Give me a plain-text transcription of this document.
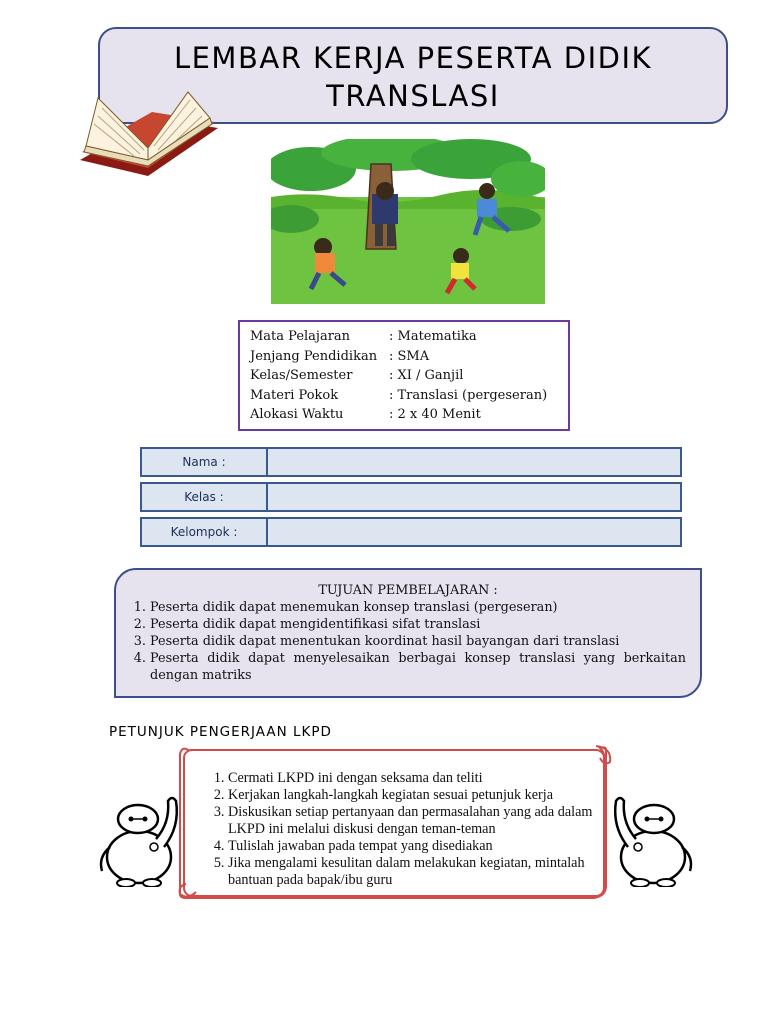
LEMBAR KERJA PESERTA DIDIK
TRANSLASI
Mata Pelajaran	: Matematika
Jenjang Pendidikan : SMA
Kelas/Semester	: XI / Ganjil
Materi Pokok	: Translasi (pergeseran)
Alokasi Waktu	: 2 x 40 Menit
Nama :
Kelas :
Kelompok :
TUJUAN PEMBELAJARAN :
1. Peserta didik dapat menemukan konsep translasi (pergeseran)
2. Peserta didik dapat mengidentifikasi sifat translasi
3. Peserta didik dapat menentukan koordinat hasil bayangan dari translasi
4. Peserta didik dapat menyelesaikan berbagai konsep translasi yang berkaitan dengan matriks
PETUNJUK PENGERJAAN LKPD
1. Cermati LKPD ini dengan seksama dan teliti
2. Kerjakan langkah-langkah kegiatan sesuai petunjuk kerja
3. Diskusikan setiap pertanyaan dan permasalahan yang ada dalam LKPD ini melalui diskusi dengan teman-teman
4. Tulislah jawaban pada tempat yang disediakan
5. Jika mengalami kesulitan dalam melakukan kegiatan, mintalah bantuan pada bapak/ibu guru
